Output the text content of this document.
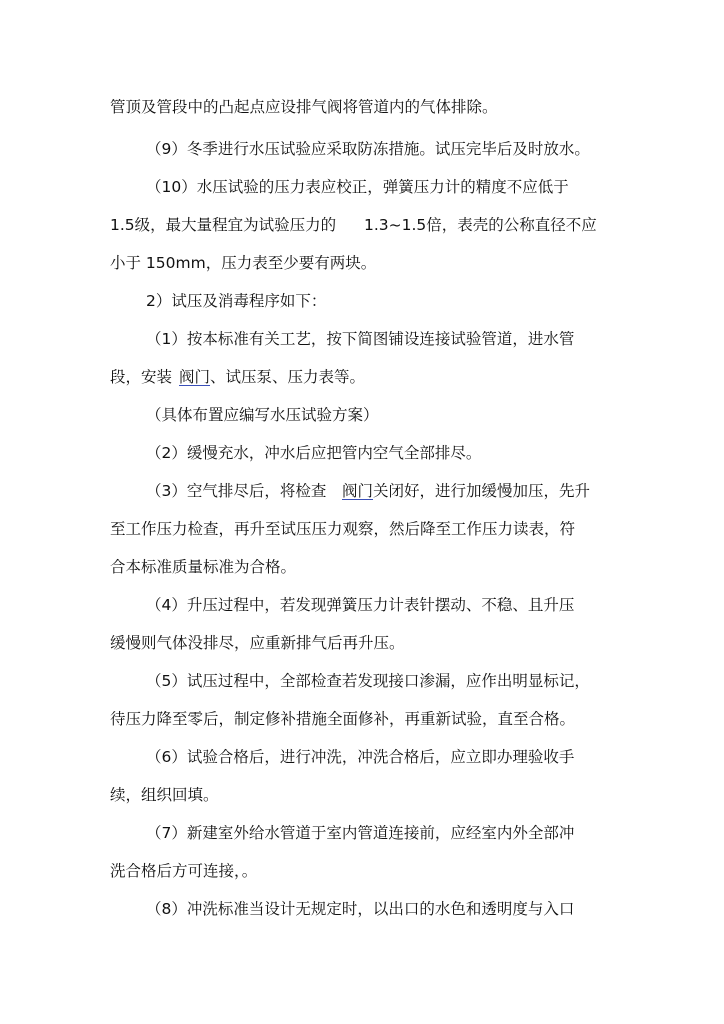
管顶及管段中的凸起点应设排气阀将管道内的气体排除。
（9）冬季进行水压试验应采取防冻措施。试压完毕后及时放水。
（10）水压试验的压力表应校正，弹簧压力计的精度不应低于
1.5级，最大量程宜为试验压力的 1.3~1.5倍，表壳的公称直径不应
小于 150mm，压力表至少要有两块。
2）试压及消毒程序如下：
（1）按本标准有关工艺，按下简图铺设连接试验管道，进水管
段，安装 阀门 、试压泵、压力表等。
（具体布置应编写水压试验方案）
（2）缓慢充水，冲水后应把管内空气全部排尽。
（3）空气排尽后，将检查 阀门 关闭好，进行加缓慢加压，先升
至工作压力检查，再升至试压压力观察，然后降至工作压力读表，符
合本标准质量标准为合格。
（4）升压过程中，若发现弹簧压力计表针摆动、不稳、且升压
缓慢则气体没排尽，应重新排气后再升压。
（5）试压过程中，全部检查若发现接口渗漏，应作出明显标记，
待压力降至零后，制定修补措施全面修补，再重新试验，直至合格。
（6）试验合格后，进行冲洗，冲洗合格后，应立即办理验收手
续，组织回填。
（7）新建室外给水管道于室内管道连接前，应经室内外全部冲
洗合格后方可连接，。
（8）冲洗标准当设计无规定时，以出口的水色和透明度与入口
